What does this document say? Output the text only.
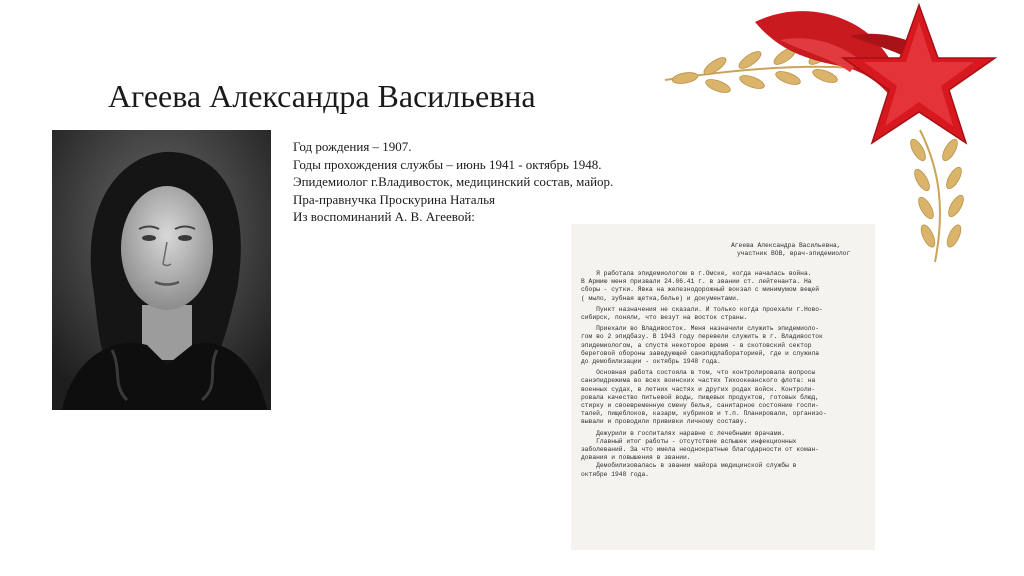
Агеева Александра Васильевна
Год рождения – 1907.
Годы прохождения службы – июнь 1941 - октябрь 1948.
Эпидемиолог г.Владивосток, медицинский состав, майор.
Пра-правнучка Проскурина Наталья
Из воспоминаний А. В. Агеевой:
Агеева Александра Васильевна,
участник ВОВ, врач-эпидемиолог

Я работала эпидемиологом в г.Омске, когда началась война.
В Армию меня призвали 24.06.41 г. в звании ст. лейтенанта. На
сборы - сутки. Явка на железнодорожный вокзал с минимумом вещей
( мыло, зубная щетка,белье) и документами.

Пункт назначения не сказали. И только когда проехали г.Ново-
сибирск, поняли, что везут на восток страны.

Приехали во Владивосток. Меня назначили служить эпидемиоло-
гом во 2 эпидбазу. В 1943 году перевели служить в г. Владивосток
эпидемиологом, а спустя некоторое время - в скотовский сектор
береговой обороны заведующей санэпидлабораторией, где и служила
до демобилизации - октябрь 1948 года.

Основная работа состояла в том, что контролировала вопросы
санэпидрежима во всех воинских частях Тихоокеанского флота: на
военных судах, в летних частях и других родах войск. Контроли-
ровала качество питьевой воды, пищевых продуктов, готовых блюд,
стирку и своевременную смену белья, санитарное состояние госпи-
талей, пищеблоков, казарм, кубриков и т.п. Планировали, организо-
вывали и проводили прививки личному составу.

Дежурили в госпиталях наравне с лечебными врачами.
Главный итог работы - отсутствие вспышек инфекционных
заболеваний. За что имела неоднократные благодарности от коман-
дования и повышения в звании.
Демобилизовалась в звании майора медицинской службы в
октябре 1948 года.
